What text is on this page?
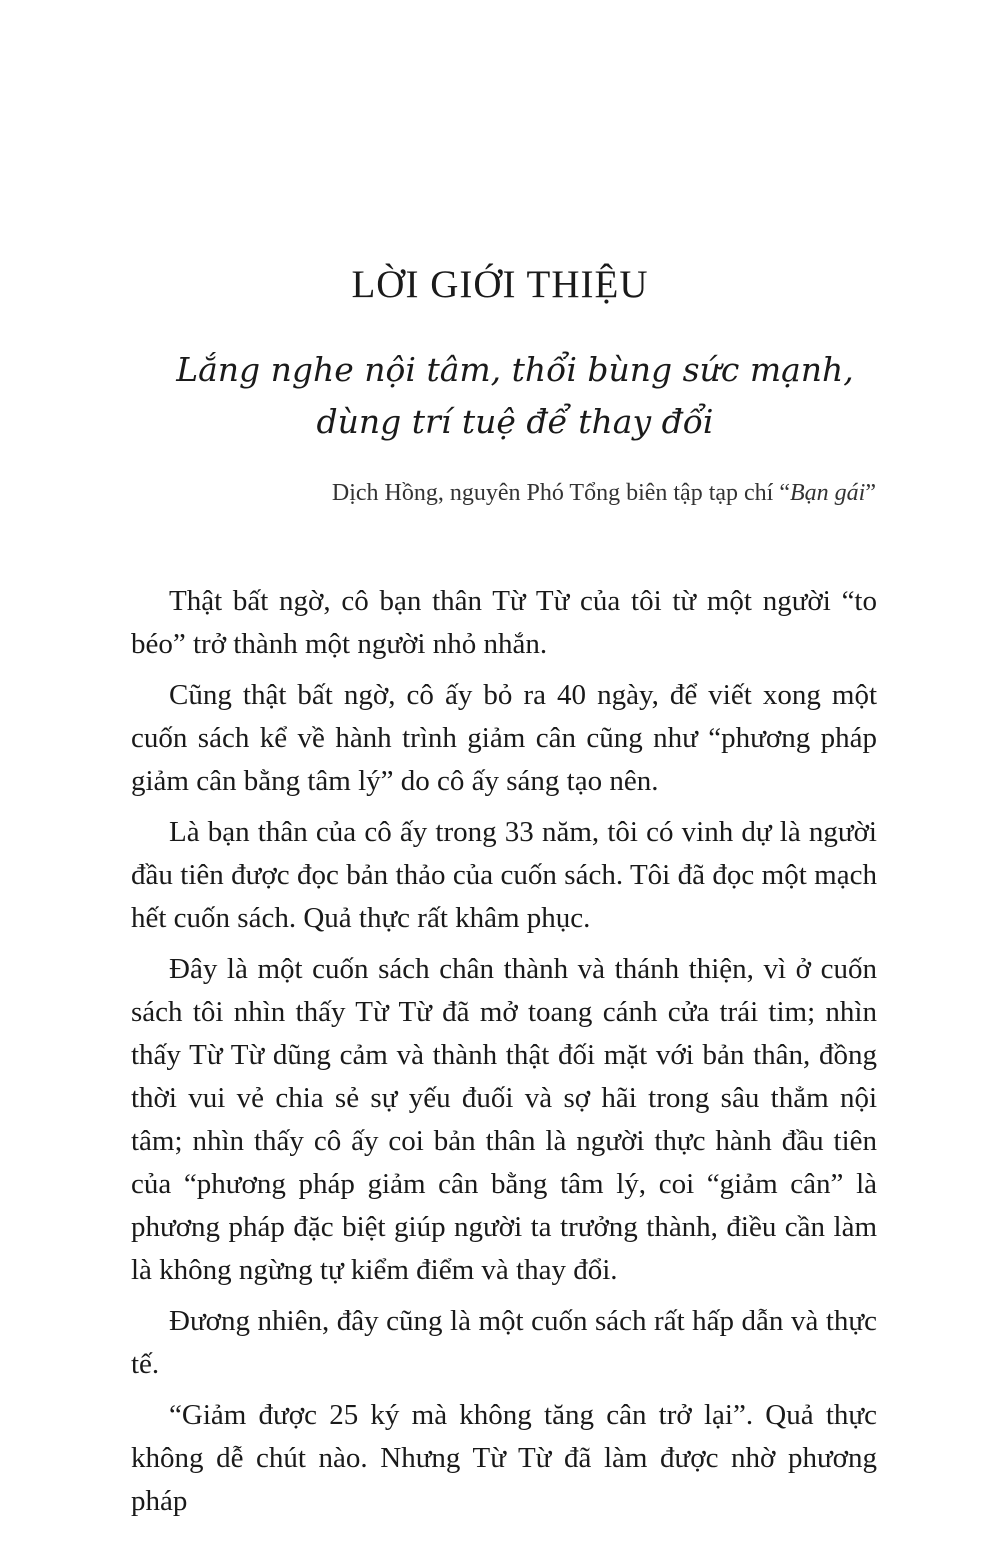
LỜI GIỚI THIỆU
Lắng nghe nội tâm, thổi bùng sức mạnh,
dùng trí tuệ để thay đổi

Dịch Hồng, nguyên Phó Tổng biên tập tạp chí “Bạn gái”

Thật bất ngờ, cô bạn thân Từ Từ của tôi từ một người “to béo” trở thành một người nhỏ nhắn.

Cũng thật bất ngờ, cô ấy bỏ ra 40 ngày, để viết xong một cuốn sách kể về hành trình giảm cân cũng như “phương pháp giảm cân bằng tâm lý” do cô ấy sáng tạo nên.

Là bạn thân của cô ấy trong 33 năm, tôi có vinh dự là người đầu tiên được đọc bản thảo của cuốn sách. Tôi đã đọc một mạch hết cuốn sách. Quả thực rất khâm phục.

Đây là một cuốn sách chân thành và thánh thiện, vì ở cuốn sách tôi nhìn thấy Từ Từ đã mở toang cánh cửa trái tim; nhìn thấy Từ Từ dũng cảm và thành thật đối mặt với bản thân, đồng thời vui vẻ chia sẻ sự yếu đuối và sợ hãi trong sâu thẳm nội tâm; nhìn thấy cô ấy coi bản thân là người thực hành đầu tiên của “phương pháp giảm cân bằng tâm lý, coi “giảm cân” là phương pháp đặc biệt giúp người ta trưởng thành, điều cần làm là không ngừng tự kiểm điểm và thay đổi.

Đương nhiên, đây cũng là một cuốn sách rất hấp dẫn và thực tế.

“Giảm được 25 ký mà không tăng cân trở lại”. Quả thực không dễ chút nào. Nhưng Từ Từ đã làm được nhờ phương pháp
